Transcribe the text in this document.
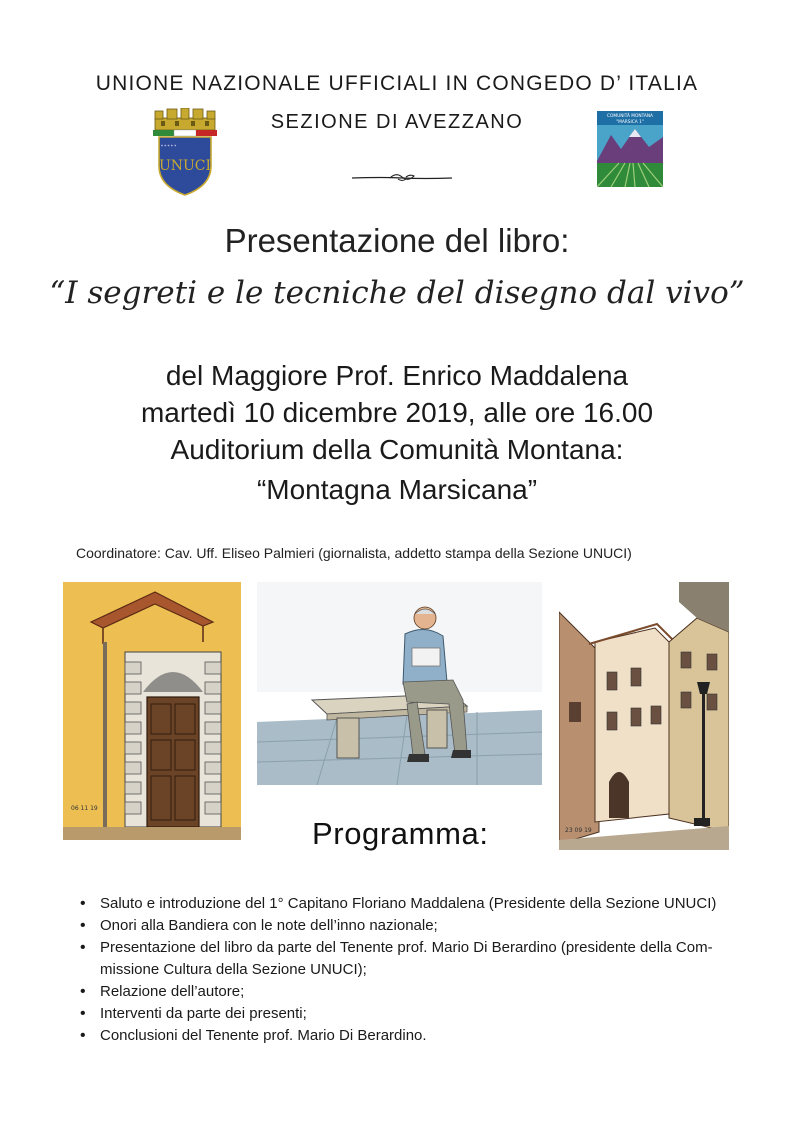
UNIONE NAZIONALE UFFICIALI IN CONGEDO D’ ITALIA
SEZIONE DI AVEZZANO
* * * * *
UNUCI
COMUNITÀ MONTANA
"MARSICA 1"
Presentazione del libro:
“I segreti e le tecniche del disegno dal vivo”
del Maggiore Prof. Enrico Maddalena
martedì 10 dicembre 2019, alle ore 16.00
Auditorium della Comunità Montana:
“Montagna Marsicana”
Coordinatore: Cav. Uff. Eliseo Palmieri (giornalista, addetto stampa della Sezione UNUCI)
06 11 19
23 09 19
Programma:
• Saluto e introduzione del 1° Capitano Floriano Maddalena (Presidente della Sezione UNUCI)
• Onori alla Bandiera con le note dell’inno nazionale;
• Presentazione del libro da parte del Tenente prof. Mario Di Berardino (presidente della Com-
missione Cultura della Sezione UNUCI);
• Relazione dell’autore;
• Interventi da parte dei presenti;
• Conclusioni del Tenente prof. Mario Di Berardino.
